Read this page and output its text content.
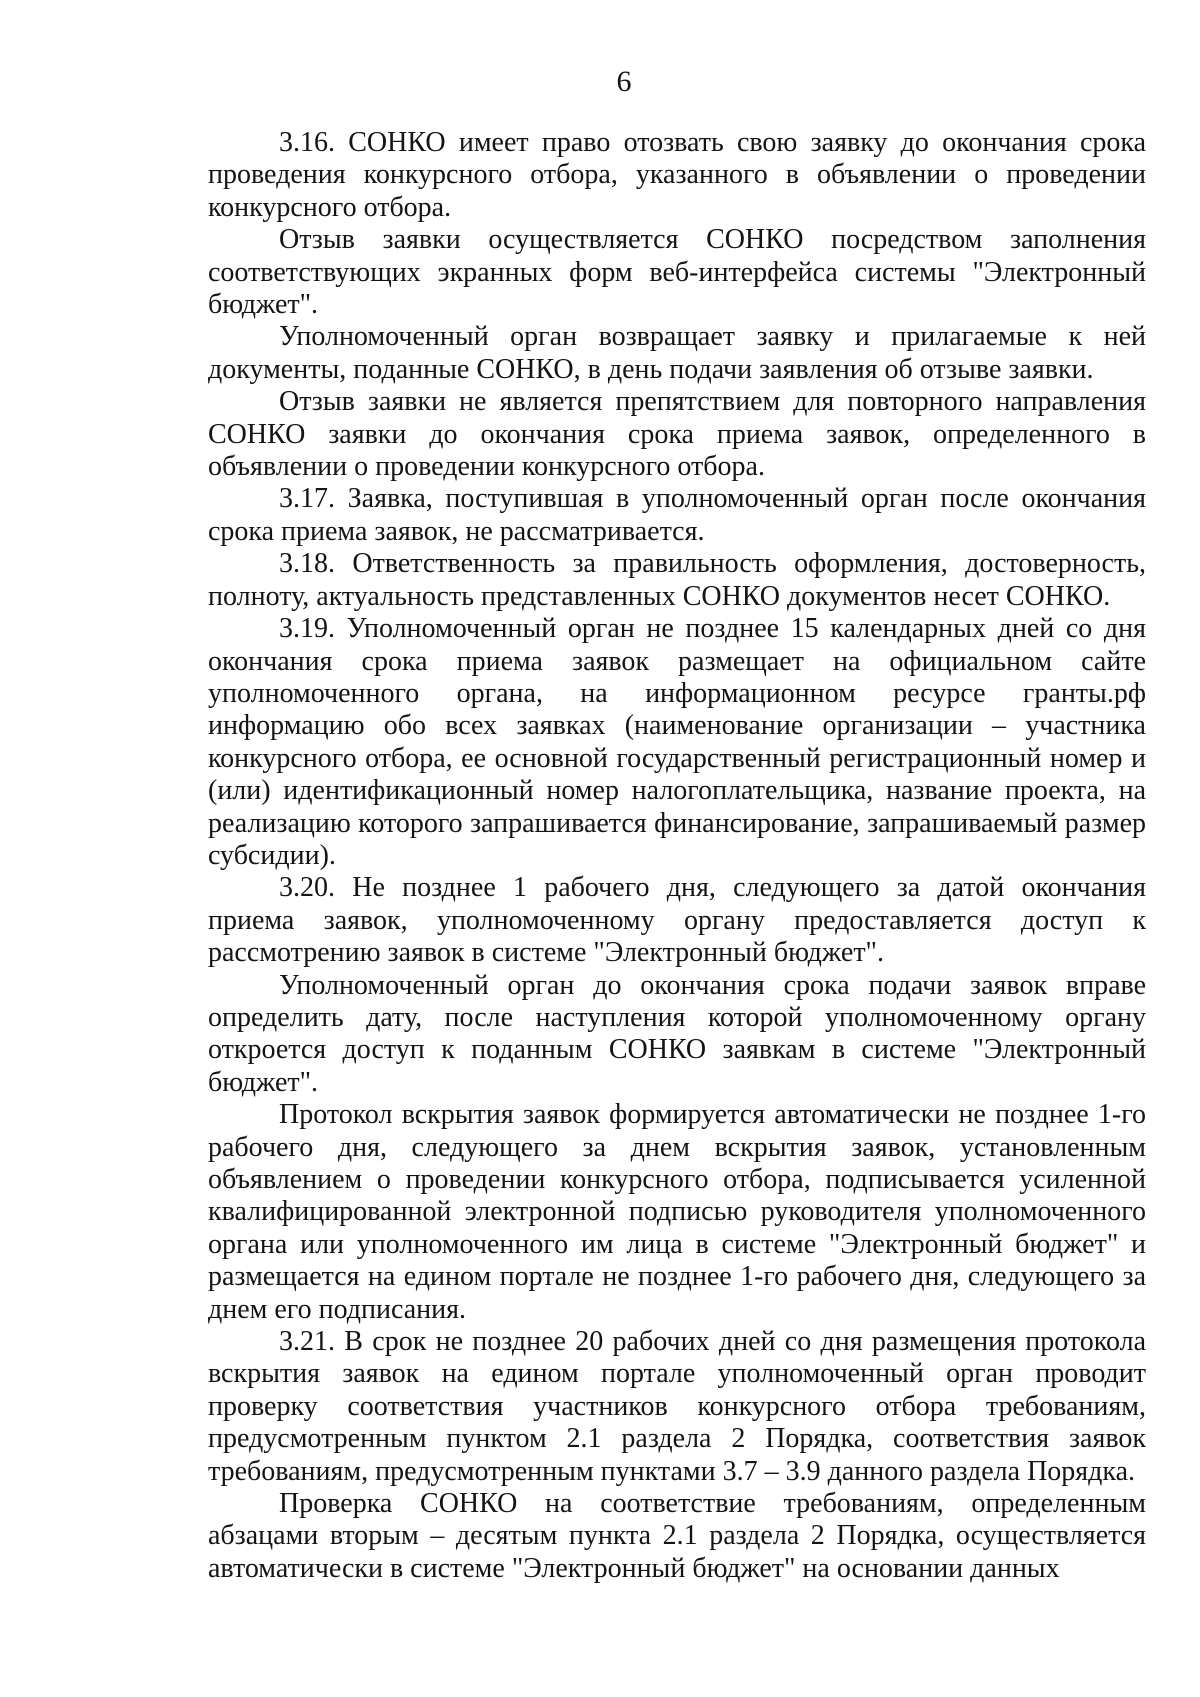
6

3.16. СОНКО имеет право отозвать свою заявку до окончания срока проведения конкурсного отбора, указанного в объявлении о проведении конкурсного отбора.

Отзыв заявки осуществляется СОНКО посредством заполнения соответствующих экранных форм веб-интерфейса системы "Электронный бюджет".

Уполномоченный орган возвращает заявку и прилагаемые к ней документы, поданные СОНКО, в день подачи заявления об отзыве заявки.

Отзыв заявки не является препятствием для повторного направления СОНКО заявки до окончания срока приема заявок, определенного в объявлении о проведении конкурсного отбора.

3.17. Заявка, поступившая в уполномоченный орган после окончания срока приема заявок, не рассматривается.

3.18. Ответственность за правильность оформления, достоверность, полноту, актуальность представленных СОНКО документов несет СОНКО.

3.19. Уполномоченный орган не позднее 15 календарных дней со дня окончания срока приема заявок размещает на официальном сайте уполномоченного органа, на информационном ресурсе гранты.рф информацию обо всех заявках (наименование организации – участника конкурсного отбора, ее основной государственный регистрационный номер и (или) идентификационный номер налогоплательщика, название проекта, на реализацию которого запрашивается финансирование, запрашиваемый размер субсидии).

3.20. Не позднее 1 рабочего дня, следующего за датой окончания приема заявок, уполномоченному органу предоставляется доступ к рассмотрению заявок в системе "Электронный бюджет".

Уполномоченный орган до окончания срока подачи заявок вправе определить дату, после наступления которой уполномоченному органу откроется доступ к поданным СОНКО заявкам в системе "Электронный бюджет".

Протокол вскрытия заявок формируется автоматически не позднее 1-го рабочего дня, следующего за днем вскрытия заявок, установленным объявлением о проведении конкурсного отбора, подписывается усиленной квалифицированной электронной подписью руководителя уполномоченного органа или уполномоченного им лица в системе "Электронный бюджет" и размещается на едином портале не позднее 1-го рабочего дня, следующего за днем его подписания.

3.21. В срок не позднее 20 рабочих дней со дня размещения протокола вскрытия заявок на едином портале уполномоченный орган проводит проверку соответствия участников конкурсного отбора требованиям, предусмотренным пунктом 2.1 раздела 2 Порядка, соответствия заявок требованиям, предусмотренным пунктами 3.7 – 3.9 данного раздела Порядка.

Проверка СОНКО на соответствие требованиям, определенным абзацами вторым – десятым пункта 2.1 раздела 2 Порядка, осуществляется автоматически в системе "Электронный бюджет" на основании данных
